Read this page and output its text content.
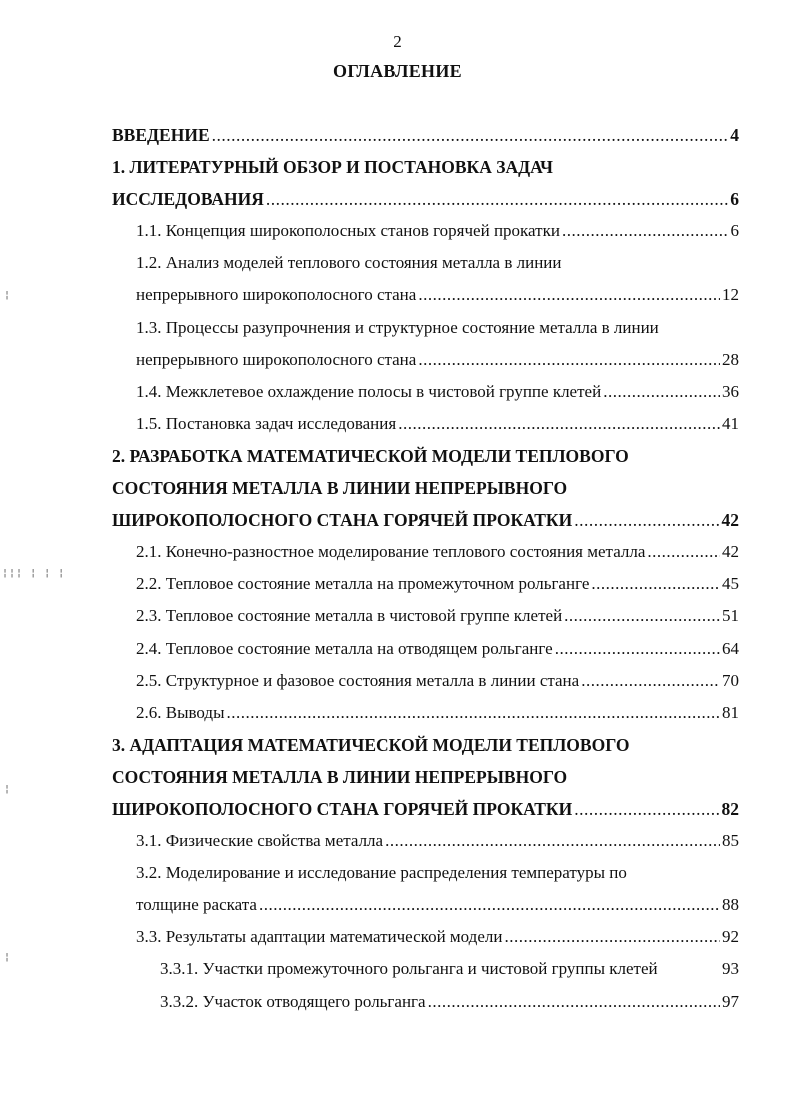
2
ОГЛАВЛЕНИЕ
ВВЕДЕНИЕ .....	4
1. ЛИТЕРАТУРНЫЙ ОБЗОР И ПОСТАНОВКА ЗАДАЧ
ИССЛЕДОВАНИЯ .....	6
1.1. Концепция широкополосных станов горячей прокатки .....	6
1.2. Анализ моделей теплового состояния металла в линии
непрерывного широкополосного стана .....	12
1.3. Процессы разупрочнения и структурное состояние металла в линии
непрерывного широкополосного стана .....	28
1.4. Межклетевое охлаждение полосы в чистовой группе клетей .....	36
1.5. Постановка задач исследования .....	41
2. РАЗРАБОТКА МАТЕМАТИЧЕСКОЙ МОДЕЛИ ТЕПЛОВОГО
СОСТОЯНИЯ МЕТАЛЛА В ЛИНИИ НЕПРЕРЫВНОГО
ШИРОКОПОЛОСНОГО СТАНА ГОРЯЧЕЙ ПРОКАТКИ .....	42
2.1. Конечно-разностное моделирование теплового состояния металла .....	42
2.2. Тепловое состояние металла на промежуточном рольганге .....	45
2.3. Тепловое состояние металла в чистовой группе клетей .....	51
2.4. Тепловое состояние металла на отводящем рольганге .....	64
2.5. Структурное и фазовое состояния металла в линии стана .....	70
2.6. Выводы .....	81
3. АДАПТАЦИЯ МАТЕМАТИЧЕСКОЙ МОДЕЛИ ТЕПЛОВОГО
СОСТОЯНИЯ МЕТАЛЛА В ЛИНИИ НЕПРЕРЫВНОГО
ШИРОКОПОЛОСНОГО СТАНА ГОРЯЧЕЙ ПРОКАТКИ .....	82
3.1. Физические свойства металла .....	85
3.2. Моделирование и исследование распределения температуры по
толщине раската .....	88
3.3. Результаты адаптации математической модели .....	92
3.3.1. Участки промежуточного рольганга и чистовой группы клетей	93
3.3.2. Участок отводящего рольганга .....	97
¦
¦¦¦ ¦ ¦ ¦
¦
¦
